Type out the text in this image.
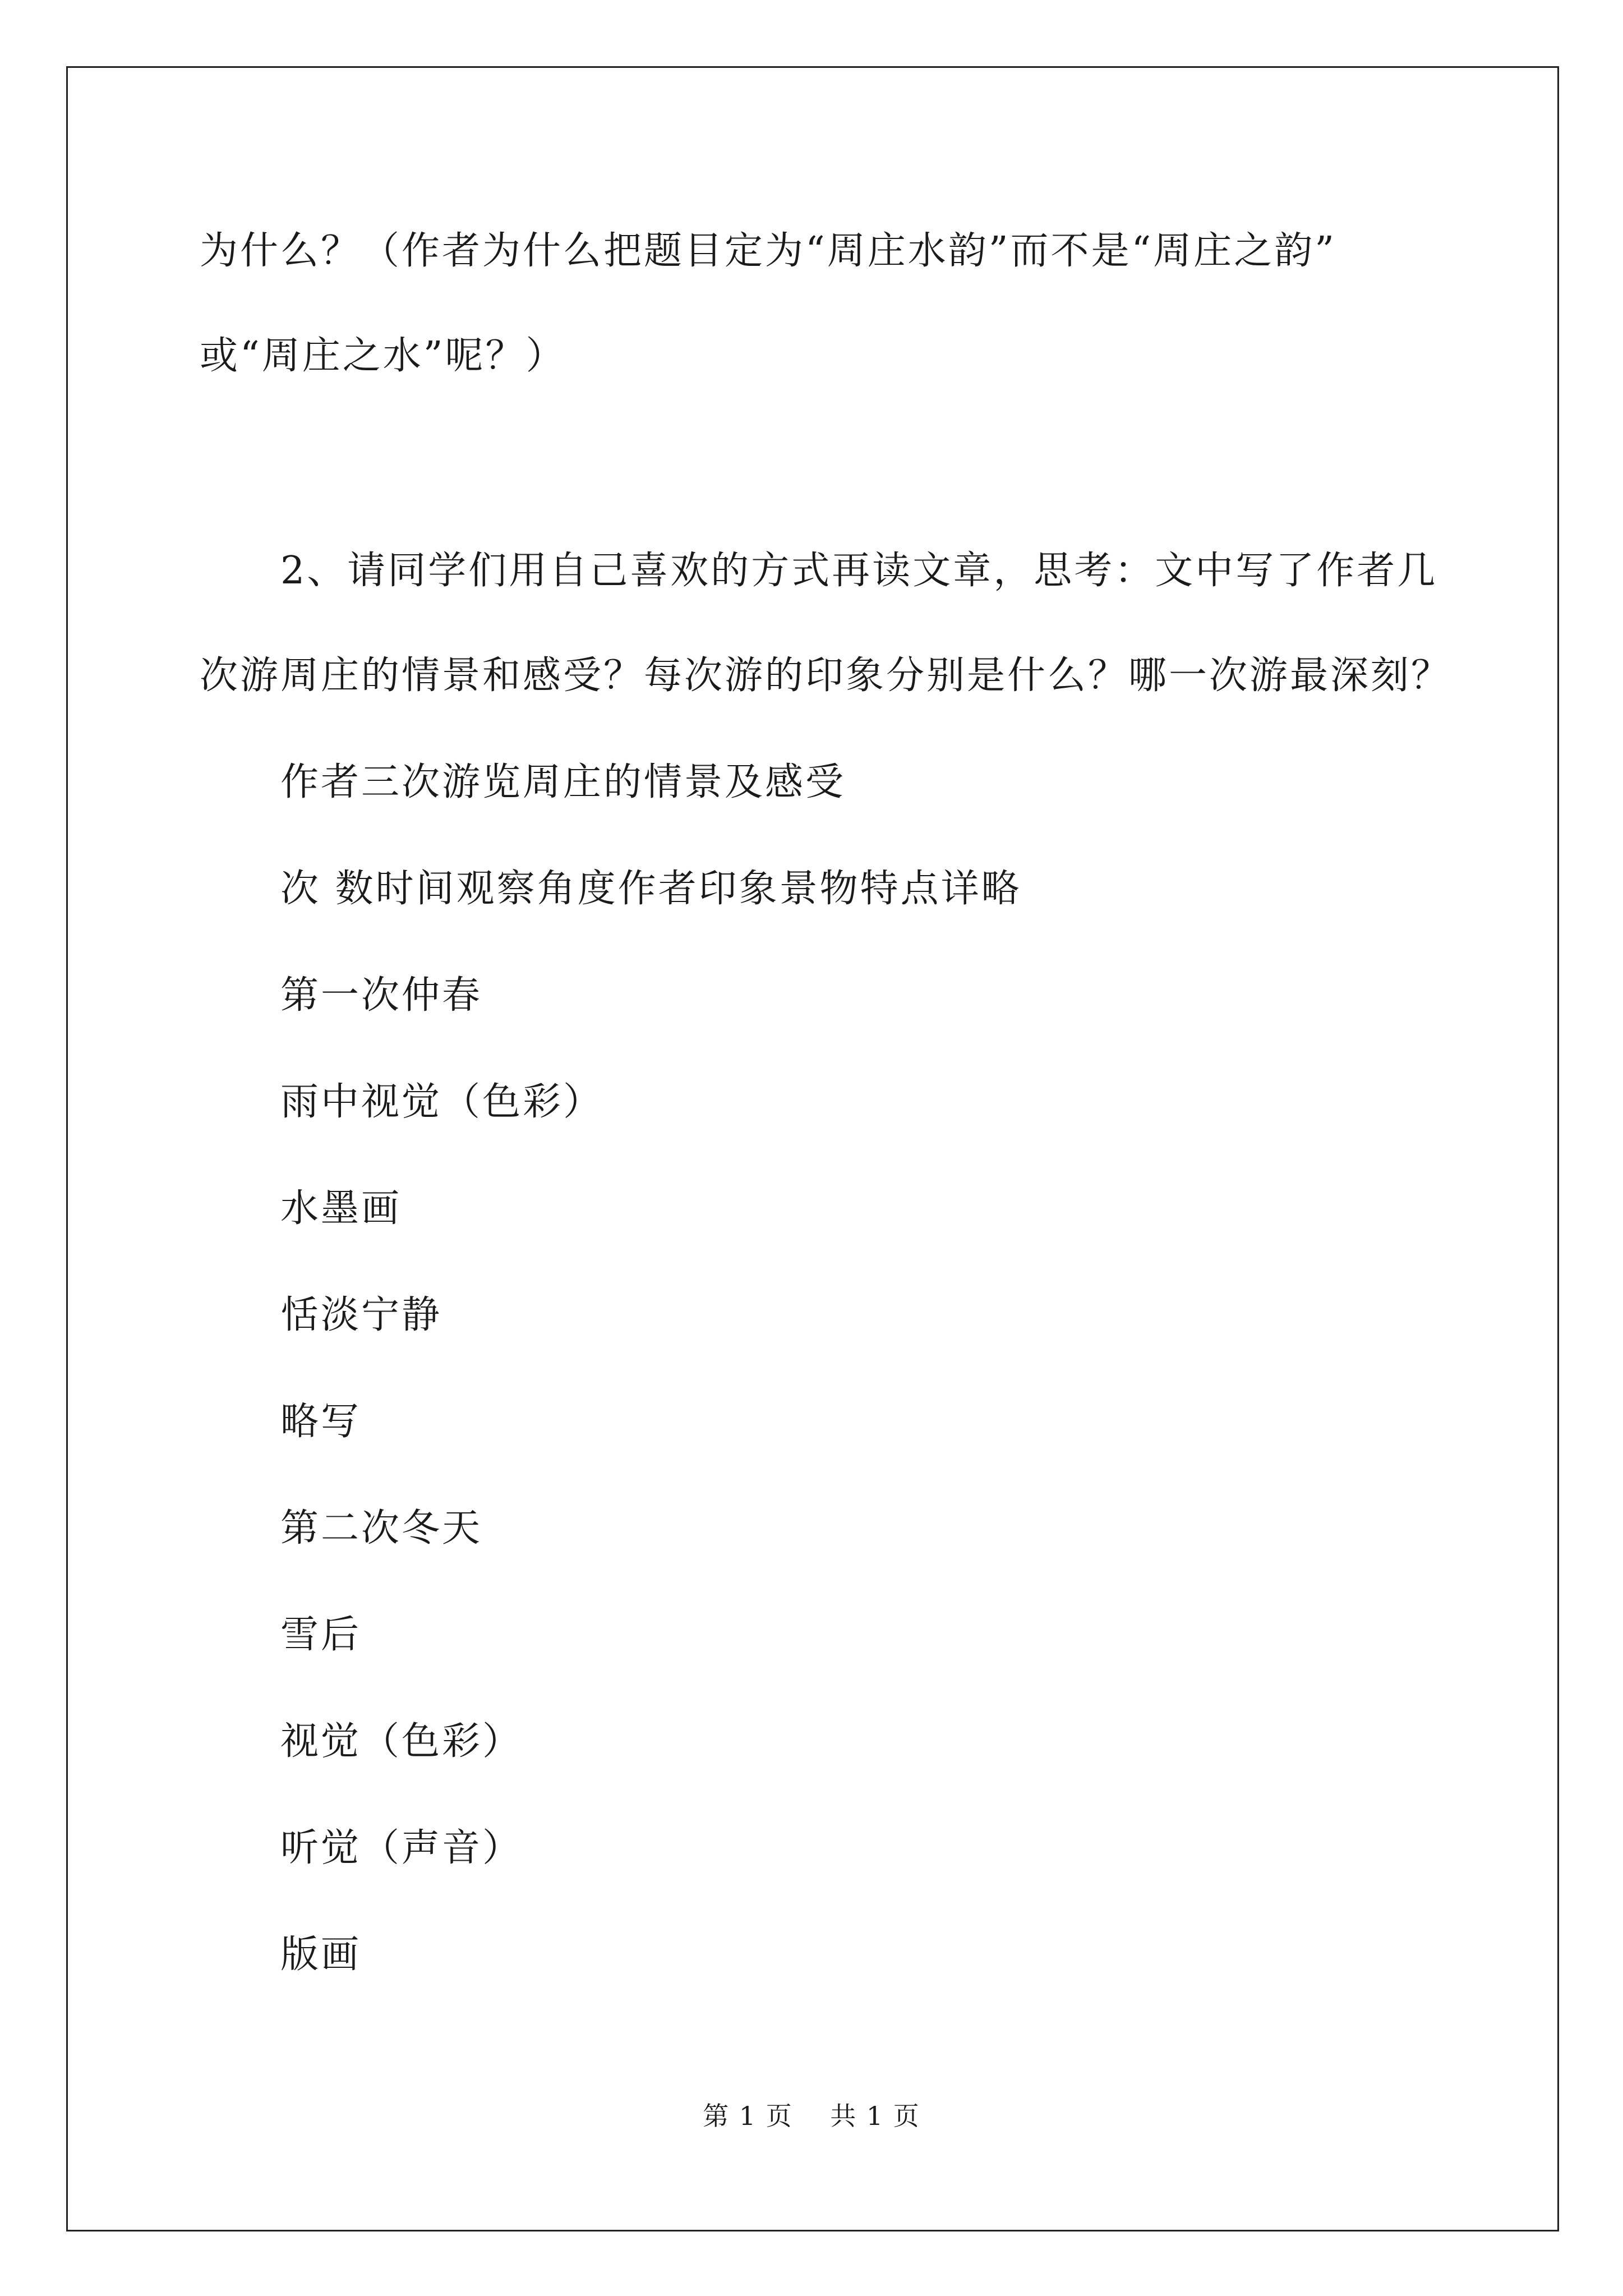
为什么？（作者为什么把题目定为“周庄水韵”而不是“周庄之韵”
或“周庄之水”呢？）
2、请同学们用自己喜欢的方式再读文章，思考：文中写了作者几
次游周庄的情景和感受？每次游的印象分别是什么？哪一次游最深刻？
作者三次游览周庄的情景及感受
次 数时间观察角度作者印象景物特点详略
第一次仲春
雨中视觉（色彩）
水墨画
恬淡宁静
略写
第二次冬天
雪后
视觉（色彩）
听觉（声音）
版画
第 1 页 共 1 页
